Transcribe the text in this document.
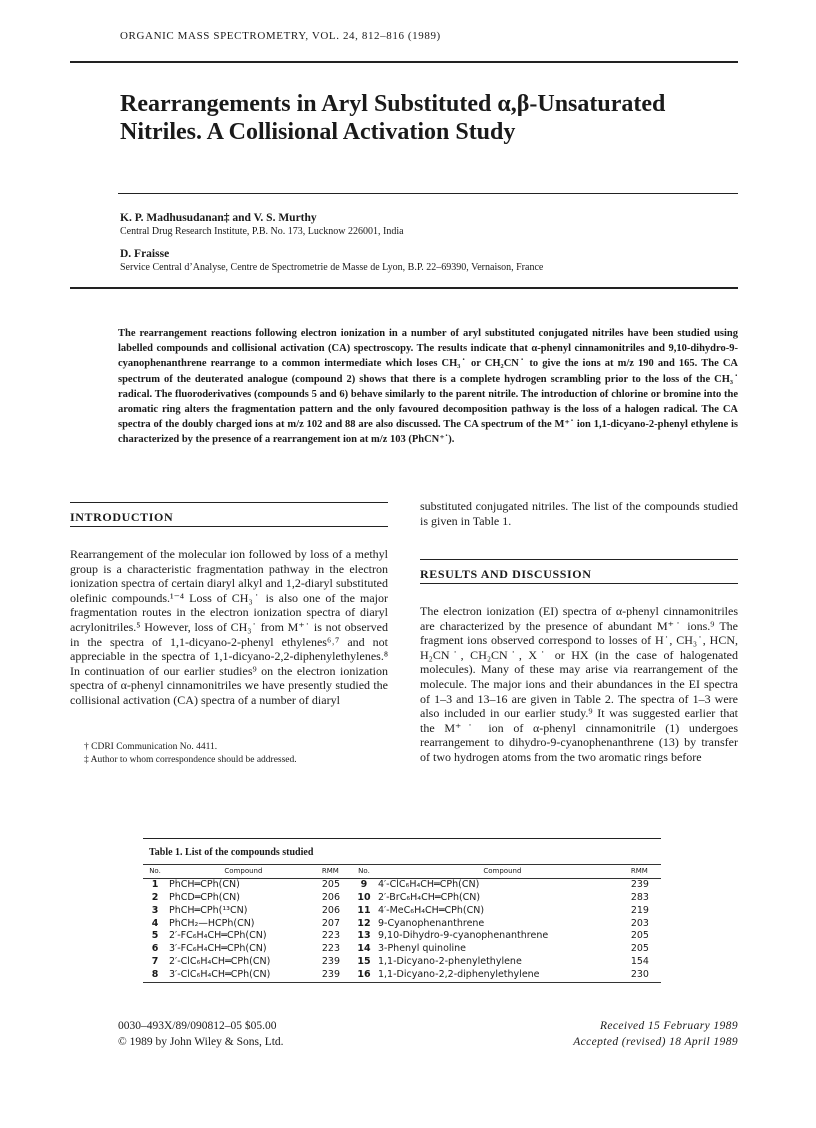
ORGANIC MASS SPECTROMETRY, VOL. 24, 812–816 (1989)
Rearrangements in Aryl Substituted α,β-Unsaturated Nitriles. A Collisional Activation Study
K. P. Madhusudanan‡ and V. S. Murthy
Central Drug Research Institute, P.B. No. 173, Lucknow 226001, India
D. Fraisse
Service Central d’Analyse, Centre de Spectrometrie de Masse de Lyon, B.P. 22–69390, Vernaison, France
The rearrangement reactions following electron ionization in a number of aryl substituted conjugated nitriles have been studied using labelled compounds and collisional activation (CA) spectroscopy. The results indicate that α-phenyl cinnamonitriles and 9,10-dihydro-9-cyanophenanthrene rearrange to a common intermediate which loses CH₃˙ or CH₂CN˙ to give the ions at m/z 190 and 165. The CA spectrum of the deuterated analogue (compound 2) shows that there is a complete hydrogen scrambling prior to the loss of the CH₃˙ radical. The fluoroderivatives (compounds 5 and 6) behave similarly to the parent nitrile. The introduction of chlorine or bromine into the aromatic ring alters the fragmentation pattern and the only favoured decomposition pathway is the loss of a halogen radical. The CA spectra of the doubly charged ions at m/z 102 and 88 are also discussed. The CA spectrum of the M⁺˙ ion 1,1-dicyano-2-phenyl ethylene is characterized by the presence of a rearrangement ion at m/z 103 (PhCN⁺˙).
INTRODUCTION

Rearrangement of the molecular ion followed by loss of a methyl group is a characteristic fragmentation pathway in the electron ionization spectra of certain diaryl alkyl and 1,2-diaryl substituted olefinic compounds.¹⁻⁴ Loss of CH₃˙ is also one of the major fragmentation routes in the electron ionization spectra of diaryl acrylonitriles.⁵ However, loss of CH₃˙ from M⁺˙ is not observed in the spectra of 1,1-dicyano-2-phenyl ethylenes⁶˒⁷ and not appreciable in the spectra of 1,1-dicyano-2,2-diphenylethylenes.⁸ In continuation of our earlier studies⁹ on the electron ionization spectra of α-phenyl cinnamonitriles we have presently studied the collisional activation (CA) spectra of a number of diaryl

† CDRI Communication No. 4411.
‡ Author to whom correspondence should be addressed.
substituted conjugated nitriles. The list of the compounds studied is given in Table 1.
RESULTS AND DISCUSSION
The electron ionization (EI) spectra of α-phenyl cinnamonitriles are characterized by the presence of abundant M⁺˙ ions.⁹ The fragment ions observed correspond to losses of H˙, CH₃˙, HCN, H₂CN˙, CH₂CN˙, X˙ or HX (in the case of halogenated molecules). Many of these may arise via rearrangement of the molecule. The major ions and their abundances in the EI spectra of 1–3 and 13–16 are given in Table 2. The spectra of 1–3 were also included in our earlier study.⁹ It was suggested earlier that the M⁺˙ ion of α-phenyl cinnamonitrile (1) undergoes rearrangement to dihydro-9-cyanophenanthrene (13) by transfer of two hydrogen atoms from the two aromatic rings before
Table 1. List of the compounds studied
No.	Compound	RMM	No.	Compound	RMM
1	PhCH═CPh(CN)	205	9	4′-ClC₆H₄CH═CPh(CN)	239
2	PhCD═CPh(CN)	206	10	2′-BrC₆H₄CH═CPh(CN)	283
3	PhCH═CPh(¹³CN)	206	11	4′-MeC₆H₄CH═CPh(CN)	219
4	PhCH₂—HCPh(CN)	207	12	9-Cyanophenanthrene	203
5	2′-FC₆H₄CH═CPh(CN)	223	13	9,10-Dihydro-9-cyanophenanthrene	205
6	3′-FC₆H₄CH═CPh(CN)	223	14	3-Phenyl quinoline	205
7	2′-ClC₆H₄CH═CPh(CN)	239	15	1,1-Dicyano-2-phenylethylene	154
8	3′-ClC₆H₄CH═CPh(CN)	239	16	1,1-Dicyano-2,2-diphenylethylene	230
0030–493X/89/090812–05 $05.00
© 1989 by John Wiley & Sons, Ltd.
Received 15 February 1989
Accepted (revised) 18 April 1989
